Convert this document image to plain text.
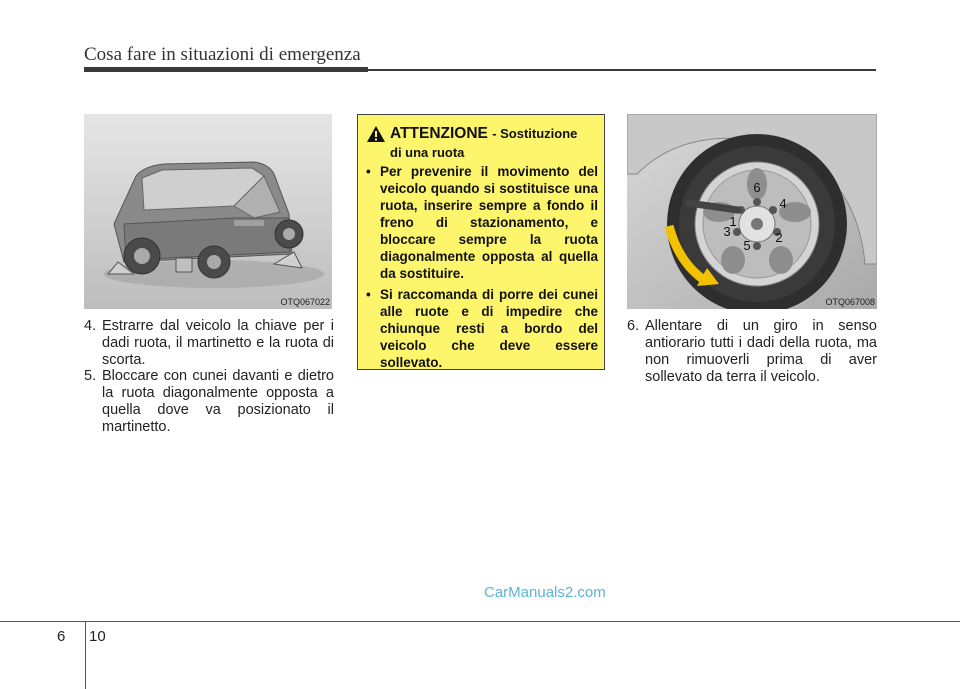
Cosa fare in situazioni di emergenza
OTQ067022
4. Estrarre dal veicolo la chiave per i dadi ruota, il martinetto e la ruota di scorta.
5. Bloccare con cunei davanti e dietro la ruota diagonalmente opposta a quella dove va posizionato il martinetto.
ATTENZIONE - Sostituzione
di una ruota
• Per prevenire il movimento del veicolo quando si sostituisce una ruota, inserire sempre a fondo il freno di stazionamento, e bloccare sempre la ruota diagonalmente opposta al quella da sostituire.
• Si raccomanda di porre dei cunei alle ruote e di impedire che chiunque resti a bordo del veicolo che deve essere sollevato.
1
2
3
4
5
6
OTQ067008
6. Allentare di un giro in senso antiorario tutti i dadi della ruota, ma non rimuoverli prima di aver sollevato da terra il veicolo.
6 10
CarManuals2.com
